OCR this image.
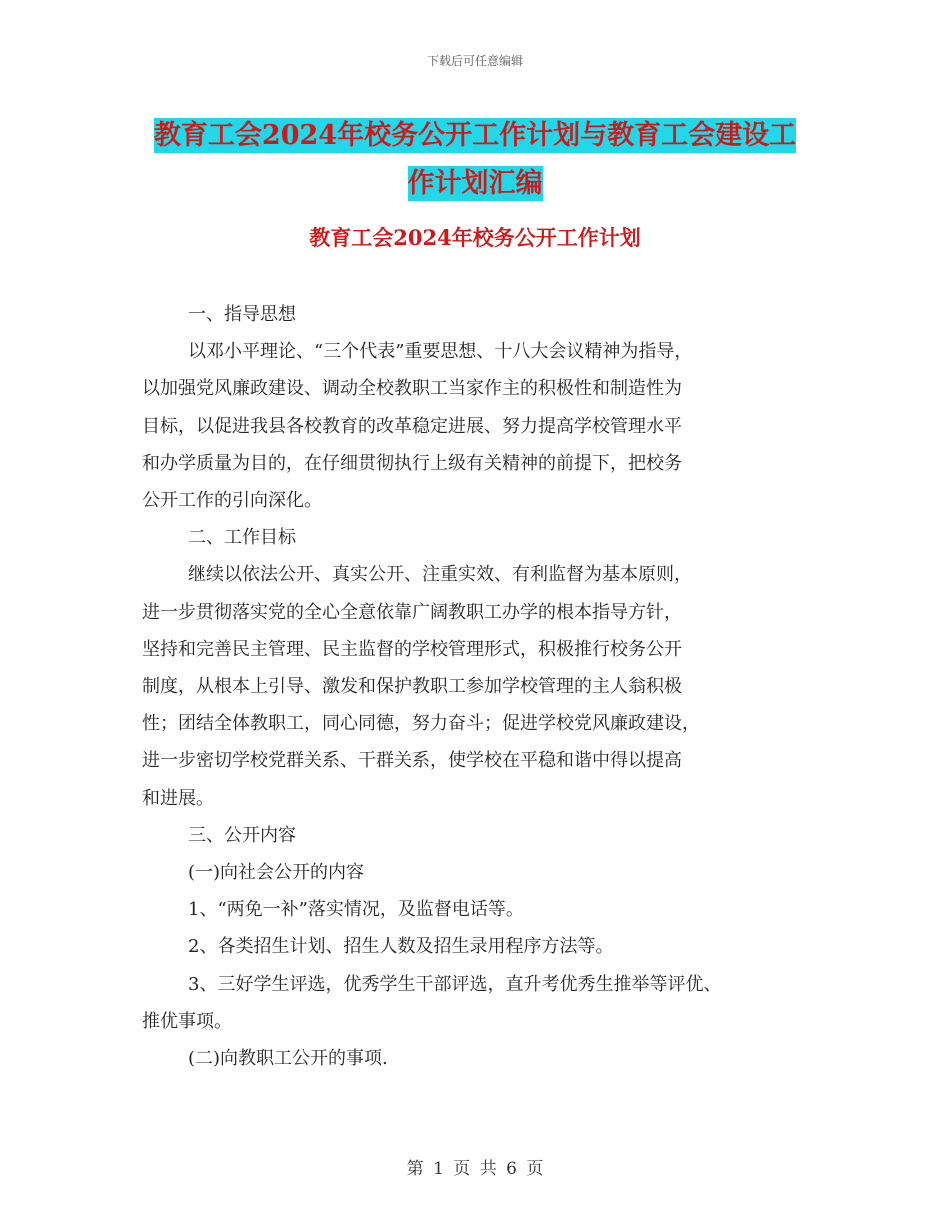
下载后可任意编辑
教育工会2024年校务公开工作计划与教育工会建设工
作计划汇编
教育工会2024年校务公开工作计划

一、指导思想

以邓小平理论、“三个代表”重要思想、十八大会议精神为指导，
以加强党风廉政建设、调动全校教职工当家作主的积极性和制造性为
目标，以促进我县各校教育的改革稳定进展、努力提高学校管理水平
和办学质量为目的，在仔细贯彻执行上级有关精神的前提下，把校务
公开工作的引向深化。

二、工作目标

继续以依法公开、真实公开、注重实效、有利监督为基本原则，
进一步贯彻落实党的全心全意依靠广阔教职工办学的根本指导方针，
坚持和完善民主管理、民主监督的学校管理形式，积极推行校务公开
制度，从根本上引导、激发和保护教职工参加学校管理的主人翁积极
性；团结全体教职工，同心同德，努力奋斗；促进学校党风廉政建设，
进一步密切学校党群关系、干群关系，使学校在平稳和谐中得以提高
和进展。

三、公开内容

(一)向社会公开的内容

1、“两免一补”落实情况，及监督电话等。

2、各类招生计划、招生人数及招生录用程序方法等。

3、三好学生评选，优秀学生干部评选，直升考优秀生推举等评优、
推优事项。

(二)向教职工公开的事项.

第 1 页 共 6 页
